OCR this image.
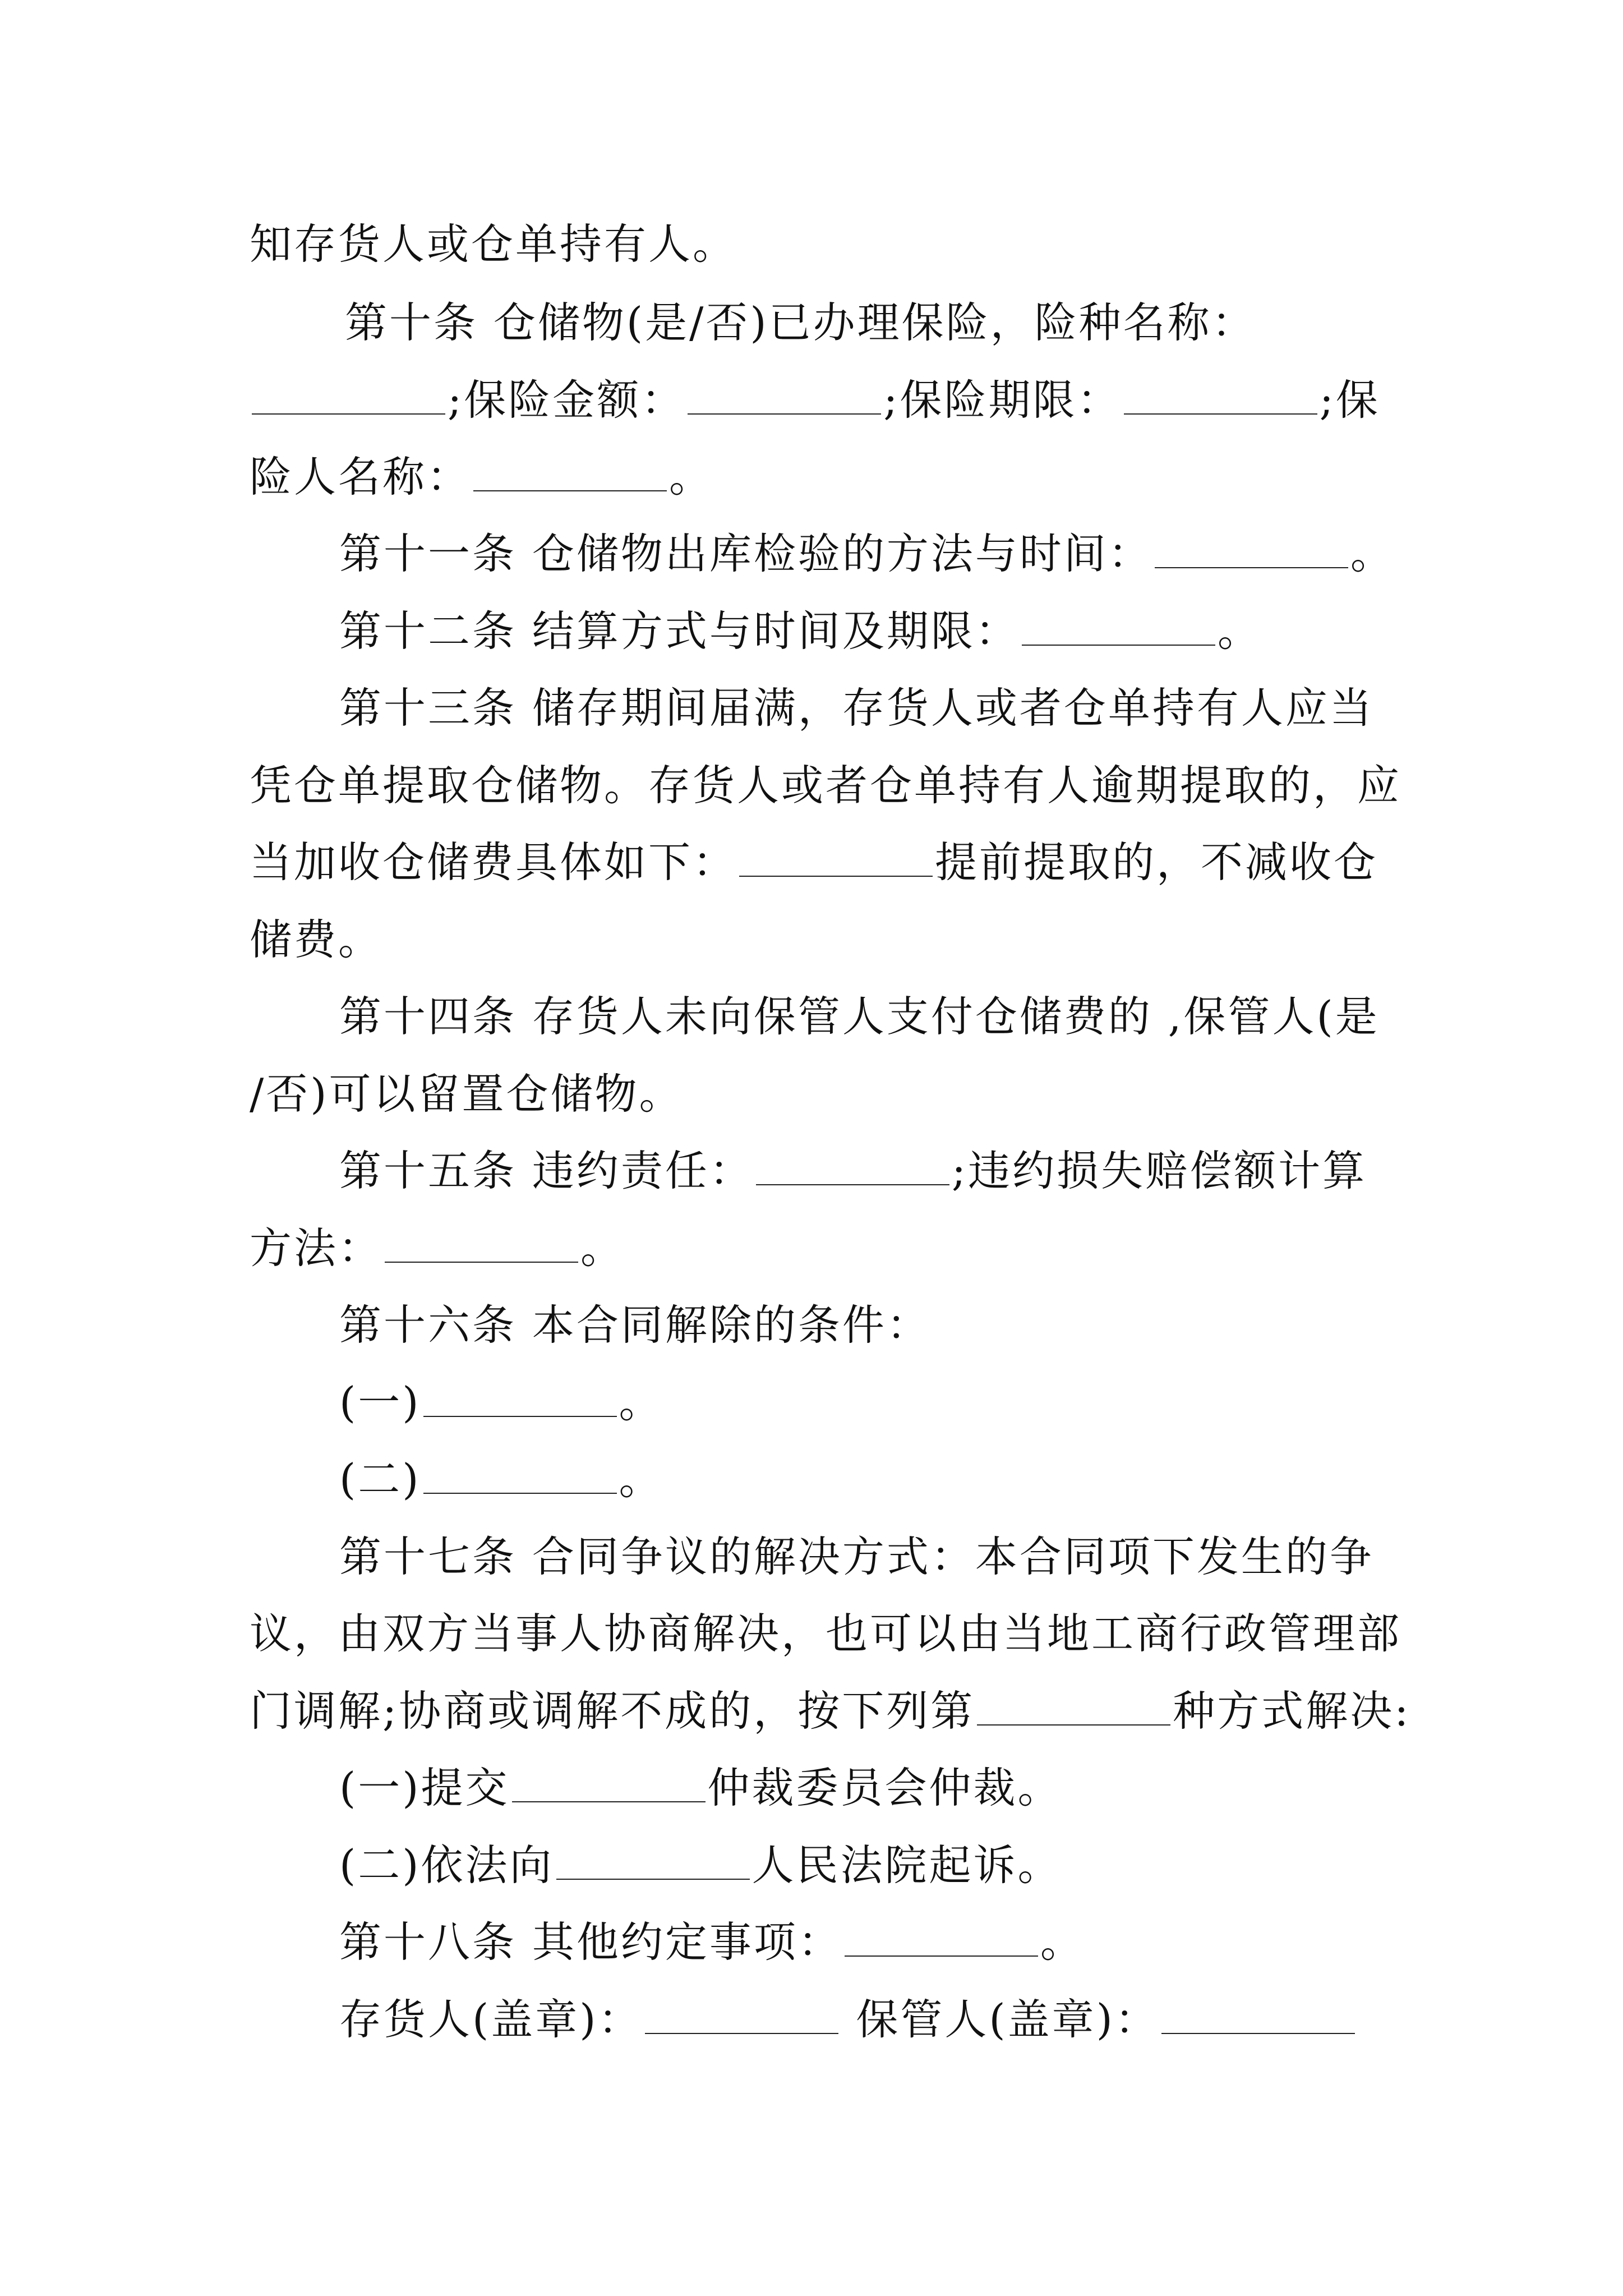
知存货人或仓单持有人。
第十条 仓储物(是/否)已办理保险，险种名称：
;保险金额：	;保险期限：	;保
险人名称：	。
第十一条 仓储物出库检验的方法与时间：	。
第十二条 结算方式与时间及期限：	。
第十三条 储存期间届满，存货人或者仓单持有人应当
凭仓单提取仓储物。存货人或者仓单持有人逾期提取的，应
当加收仓储费具体如下：	提前提取的，不减收仓
储费。
第十四条 存货人未向保管人支付仓储费的 ,保管人(是
/否)可以留置仓储物。
第十五条 违约责任：	;违约损失赔偿额计算
方法：	。
第十六条 本合同解除的条件：
(一)	。
(二)	。
第十七条 合同争议的解决方式：本合同项下发生的争
议，由双方当事人协商解决，也可以由当地工商行政管理部
门调解;协商或调解不成的，按下列第	种方式解决:
(一)提交	仲裁委员会仲裁。
(二)依法向	人民法院起诉。
第十八条 其他约定事项：	。
存货人(盖章)：	保管人(盖章)：
